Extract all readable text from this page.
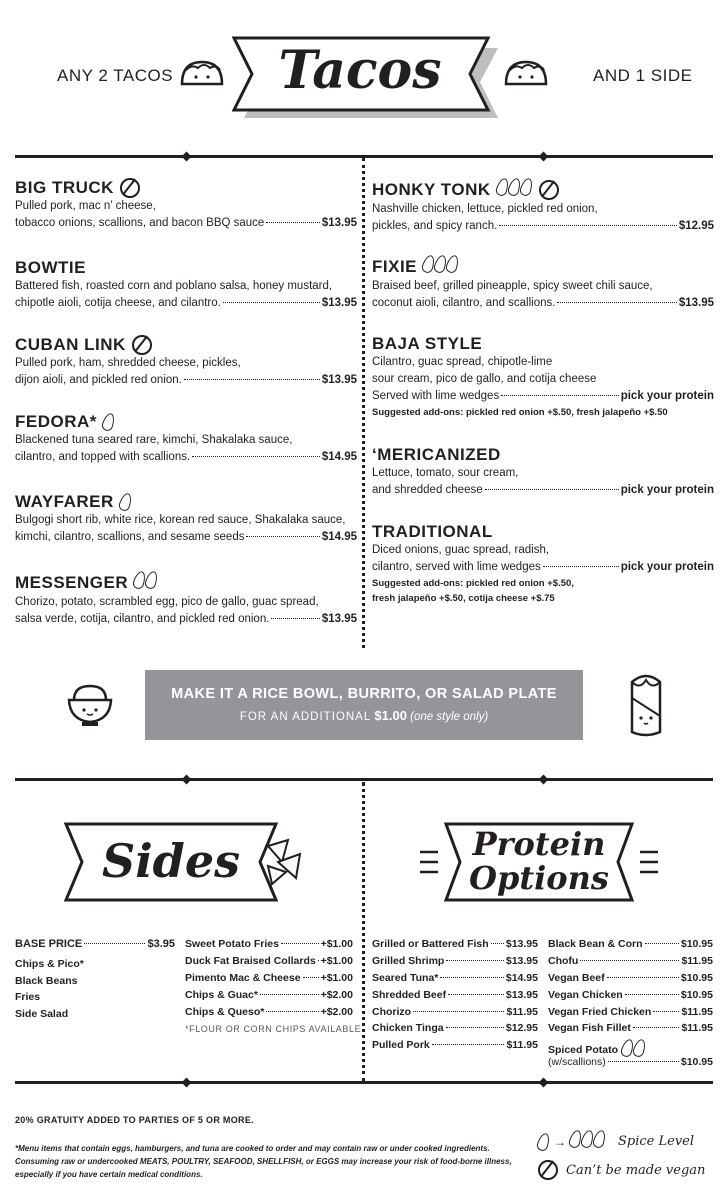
ANY 2 TACOS	AND 1 SIDE
Tacos
BIG TRUCK
Pulled pork, mac n’ cheese,
tobacco onions, scallions, and bacon BBQ sauce	$13.95
BOWTIE
Battered fish, roasted corn and poblano salsa, honey mustard,
chipotle aioli, cotija cheese, and cilantro.	$13.95
CUBAN LINK
Pulled pork, ham, shredded cheese, pickles,
dijon aioli, and pickled red onion.	$13.95
FEDORA*
Blackened tuna seared rare, kimchi, Shakalaka sauce,
cilantro, and topped with scallions.	$14.95
WAYFARER
Bulgogi short rib, white rice, korean red sauce, Shakalaka sauce,
kimchi, cilantro, scallions, and sesame seeds	$14.95
MESSENGER
Chorizo, potato, scrambled egg, pico de gallo, guac spread,
salsa verde, cotija, cilantro, and pickled red onion.	$13.95
HONKY TONK
Nashville chicken, lettuce, pickled red onion,
pickles, and spicy ranch.	$12.95
FIXIE
Braised beef, grilled pineapple, spicy sweet chili sauce,
coconut aioli, cilantro, and scallions.	$13.95
BAJA STYLE
Cilantro, guac spread, chipotle-lime
sour cream, pico de gallo, and cotija cheese
Served with lime wedges	pick your protein
Suggested add-ons: pickled red onion +$.50, fresh jalapeño +$.50
‘MERICANIZED
Lettuce, tomato, sour cream,
and shredded cheese	pick your protein
TRADITIONAL
Diced onions, guac spread, radish,
cilantro, served with lime wedges	pick your protein
Suggested add-ons: pickled red onion +$.50,
fresh jalapeño +$.50, cotija cheese +$.75
MAKE IT A RICE BOWL, BURRITO, OR SALAD PLATE
FOR AN ADDITIONAL $1.00 (one style only)
Sides	Protein
Options
BASE PRICE	$3.95
Chips & Pico*
Black Beans
Fries
Side Salad
Sweet Potato Fries	+$1.00
Duck Fat Braised Collards +$1.00
Pimento Mac & Cheese +$1.00
Chips & Guac*	+$2.00
Chips & Queso*	+$2.00
*FLOUR OR CORN CHIPS AVAILABLE
Grilled or Battered Fish $13.95
Grilled Shrimp	$13.95
Seared Tuna*	$14.95
Shredded Beef	$13.95
Chorizo	$11.95
Chicken Tinga	$12.95
Pulled Pork	$11.95
Black Bean & Corn	$10.95
Chofu	$11.95
Vegan Beef	$10.95
Vegan Chicken	$10.95
Vegan Fried Chicken	$11.95
Vegan Fish Fillet	$11.95
Spiced Potato
(w/scallions)	$10.95
20% GRATUITY ADDED TO PARTIES OF 5 OR MORE.
*Menu items that contain eggs, hamburgers, and tuna are cooked to order and may contain raw or under cooked ingredients.
Consuming raw or undercooked MEATS, POULTRY, SEAFOOD, SHELLFISH, or EGGS may increase your risk of food-borne illness,
especially if you have certain medical conditions.
→	Spice Level
Can’t be made vegan
